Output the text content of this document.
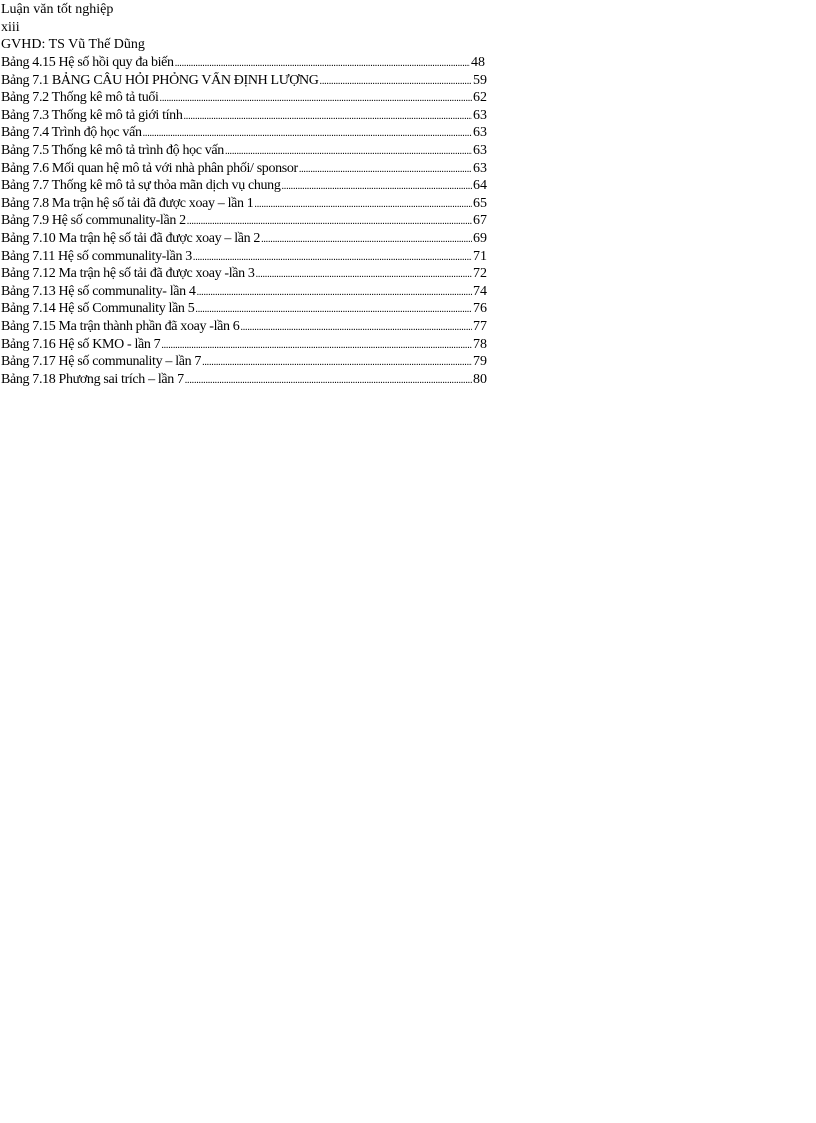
Luận văn tốt nghiệp
xiii
GVHD: TS Vũ Thế Dũng
Bảng 4.15 Hệ số hồi quy đa biến .....	48
Bảng 7.1 BẢNG CÂU HỎI PHỎNG VẤN ĐỊNH LƯỢNG .....	59
Bảng 7.2 Thống kê mô tả tuổi .....	62
Bảng 7.3 Thống kê mô tả giới tính .....	63
Bảng 7.4 Trình độ học vấn .....	63
Bảng 7.5 Thống kê mô tả trình độ học vấn .....	63
Bảng 7.6 Mối quan hệ mô tả với nhà phân phối/ sponsor .....	63
Bảng 7.7 Thống kê mô tả sự thỏa mãn dịch vụ chung .....	64
Bảng 7.8 Ma trận hệ số tải đã được xoay – lần 1 .....	65
Bảng 7.9 Hệ số communality-lần 2 .....	67
Bảng 7.10 Ma trận hệ số tải đã được xoay – lần 2 .....	69
Bảng 7.11 Hệ số communality-lần 3 .....	71
Bảng 7.12 Ma trận hệ số tải đã được xoay -lần 3 .....	72
Bảng 7.13 Hệ số communality- lần 4 .....	74
Bảng 7.14 Hệ số Communality lần 5 .....	76
Bảng 7.15 Ma trận thành phần đã xoay -lần 6 .....	77
Bảng 7.16 Hệ số KMO - lần 7 .....	78
Bảng 7.17 Hệ số communality – lần 7 .....	79
Bảng 7.18 Phương sai trích – lần 7 .....	80
